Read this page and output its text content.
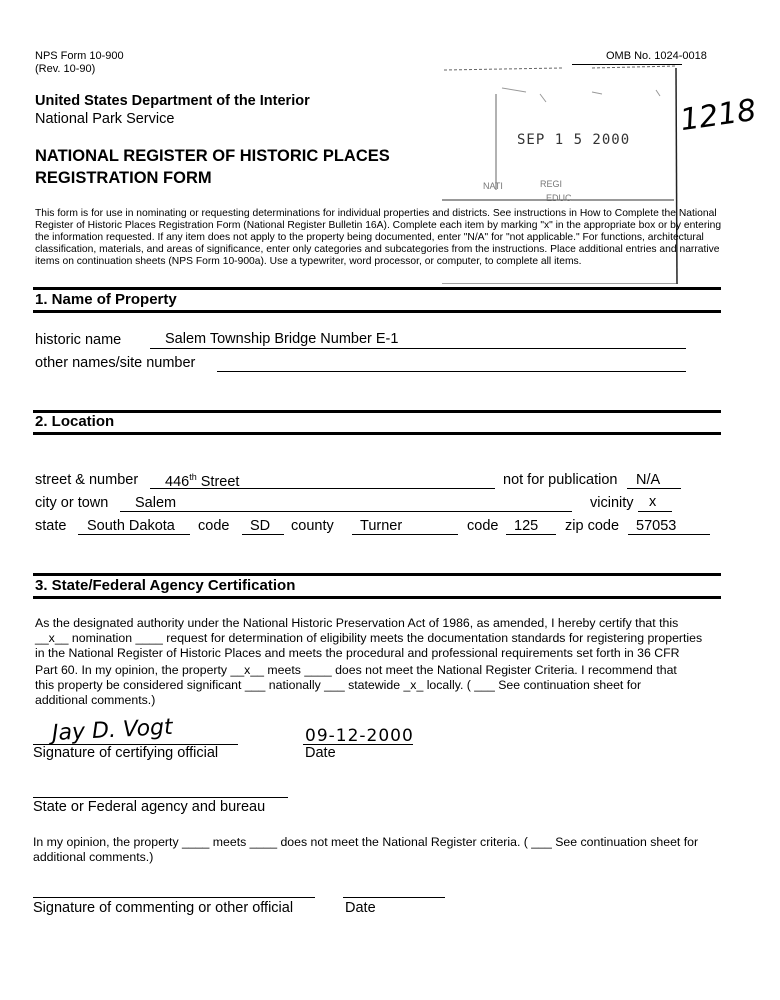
NPS Form 10-900
(Rev. 10-90)
OMB No. 1024-0018
United States Department of the Interior
National Park Service
NATIONAL REGISTER OF HISTORIC PLACES
REGISTRATION FORM
SEP 1 5 2000
NATI	REGI
EDUC
1218
This form is for use in nominating or requesting determinations for individual properties and districts. See instructions in How to Complete the National
Register of Historic Places Registration Form (National Register Bulletin 16A). Complete each item by marking "x" in the appropriate box or by entering
the information requested. If any item does not apply to the property being documented, enter "N/A" for "not applicable." For functions, architectural
classification, materials, and areas of significance, enter only categories and subcategories from the instructions. Place additional entries and narrative
items on continuation sheets (NPS Form 10-900a). Use a typewriter, word processor, or computer, to complete all items.
1. Name of Property
historic name	Salem Township Bridge Number E-1
other names/site number
2. Location
street & number 446th Street	not for publication N/A
city or town Salem	vicinity x
state South Dakota code SD county Turner	code 125 zip code 57053
3. State/Federal Agency Certification
As the designated authority under the National Historic Preservation Act of 1986, as amended, I hereby certify that this
__x__ nomination ____ request for determination of eligibility meets the documentation standards for registering properties
in the National Register of Historic Places and meets the procedural and professional requirements set forth in 36 CFR
Part 60. In my opinion, the property __x__ meets ____ does not meet the National Register Criteria. I recommend that
this property be considered significant ___ nationally ___ statewide _x_ locally. ( ___ See continuation sheet for
additional comments.)
Jay D. Vogt	09-12-2000
Signature of certifying official	Date
State or Federal agency and bureau
In my opinion, the property ____ meets ____ does not meet the National Register criteria. ( ___ See continuation sheet for
additional comments.)
Signature of commenting or other official	Date
